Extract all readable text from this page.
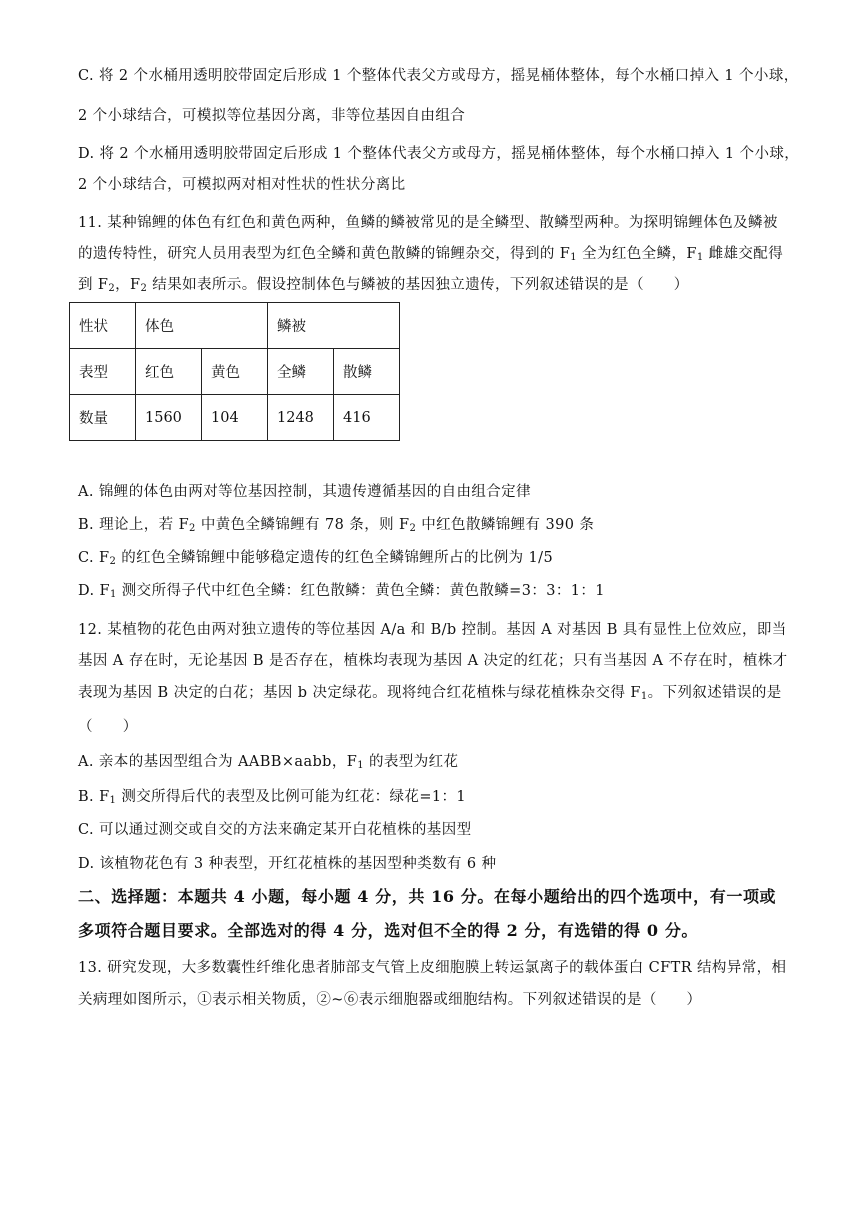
C. 将 2 个水桶用透明胶带固定后形成 1 个整体代表父方或母方，摇晃桶体整体，每个水桶口掉入 1 个小球，
2 个小球结合，可模拟等位基因分离，非等位基因自由组合
D. 将 2 个水桶用透明胶带固定后形成 1 个整体代表父方或母方，摇晃桶体整体，每个水桶口掉入 1 个小球，
2 个小球结合，可模拟两对相对性状的性状分离比
11. 某种锦鲤的体色有红色和黄色两种，鱼鳞的鳞被常见的是全鳞型、散鳞型两种。为探明锦鲤体色及鳞被
的遗传特性，研究人员用表型为红色全鳞和黄色散鳞的锦鲤杂交，得到的 $F_1$ 全为红色全鳞，$F_1$ 雌雄交配得
到 $F_2$，$F_2$ 结果如表所示。假设控制体色与鳞被的基因独立遗传，下列叙述错误的是（　　）
性状	体色		鳞被	
表型	红色	黄色	全鳞	散鳞
数量	1560	104	1248	416
A. 锦鲤的体色由两对等位基因控制，其遗传遵循基因的自由组合定律
B. 理论上，若 $F_2$ 中黄色全鳞锦鲤有 78 条，则 $F_2$ 中红色散鳞锦鲤有 390 条
C. $F_2$ 的红色全鳞锦鲤中能够稳定遗传的红色全鳞锦鲤所占的比例为 1/5
D. $F_1$ 测交所得子代中红色全鳞：红色散鳞：黄色全鳞：黄色散鳞=3：3：1：1
12. 某植物的花色由两对独立遗传的等位基因 A/a 和 B/b 控制。基因 A 对基因 B 具有显性上位效应，即当
基因 A 存在时，无论基因 B 是否存在，植株均表现为基因 A 决定的红花；只有当基因 A 不存在时，植株才
表现为基因 B 决定的白花；基因 b 决定绿花。现将纯合红花植株与绿花植株杂交得 $F_1$。下列叙述错误的是
（　　）
A. 亲本的基因型组合为 AABB×aabb，$F_1$ 的表型为红花
B. $F_1$ 测交所得后代的表型及比例可能为红花：绿花=1：1
C. 可以通过测交或自交的方法来确定某开白花植株的基因型
D. 该植物花色有 3 种表型，开红花植株的基因型种类数有 6 种
二、选择题：本题共 4 小题，每小题 4 分，共 16 分。在每小题给出的四个选项中，有一项或
多项符合题目要求。全部选对的得 4 分，选对但不全的得 2 分，有选错的得 0 分。
13. 研究发现，大多数囊性纤维化患者肺部支气管上皮细胞膜上转运氯离子的载体蛋白 CFTR 结构异常，相
关病理如图所示，①表示相关物质，②~⑥表示细胞器或细胞结构。下列叙述错误的是（　　）
